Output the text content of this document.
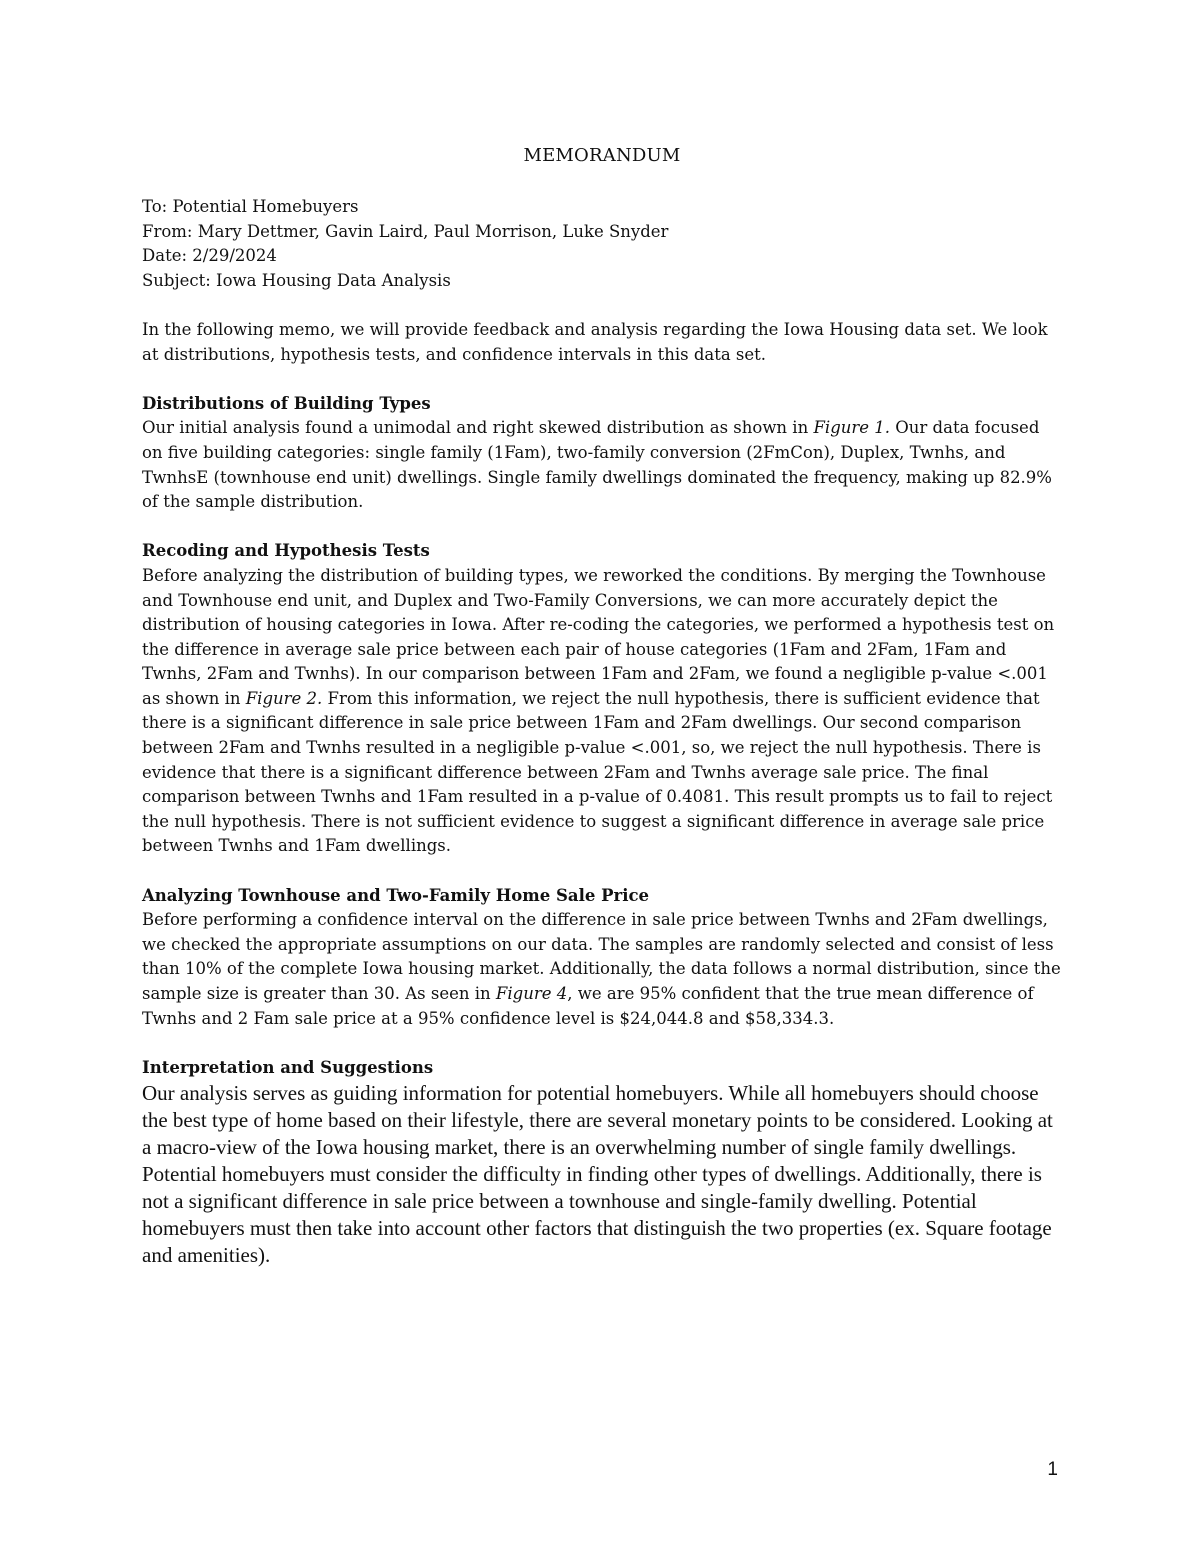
MEMORANDUM
To: Potential Homebuyers
From: Mary Dettmer, Gavin Laird, Paul Morrison, Luke Snyder
Date: 2/29/2024
Subject: Iowa Housing Data Analysis

In the following memo, we will provide feedback and analysis regarding the Iowa Housing data set. We look at distributions, hypothesis tests, and confidence intervals in this data set.

Distributions of Building Types

Our initial analysis found a unimodal and right skewed distribution as shown in Figure 1. Our data focused on five building categories: single family (1Fam), two-family conversion (2FmCon), Duplex, Twnhs, and TwnhsE (townhouse end unit) dwellings. Single family dwellings dominated the frequency, making up 82.9% of the sample distribution.

Recoding and Hypothesis Tests

Before analyzing the distribution of building types, we reworked the conditions. By merging the Townhouse and Townhouse end unit, and Duplex and Two-Family Conversions, we can more accurately depict the distribution of housing categories in Iowa. After re-coding the categories, we performed a hypothesis test on the difference in average sale price between each pair of house categories (1Fam and 2Fam, 1Fam and Twnhs, 2Fam and Twnhs). In our comparison between 1Fam and 2Fam, we found a negligible p-value <.001 as shown in Figure 2. From this information, we reject the null hypothesis, there is sufficient evidence that there is a significant difference in sale price between 1Fam and 2Fam dwellings. Our second comparison between 2Fam and Twnhs resulted in a negligible p-value <.001, so, we reject the null hypothesis. There is evidence that there is a significant difference between 2Fam and Twnhs average sale price. The final comparison between Twnhs and 1Fam resulted in a p-value of 0.4081. This result prompts us to fail to reject the null hypothesis. There is not sufficient evidence to suggest a significant difference in average sale price between Twnhs and 1Fam dwellings.

Analyzing Townhouse and Two-Family Home Sale Price

Before performing a confidence interval on the difference in sale price between Twnhs and 2Fam dwellings, we checked the appropriate assumptions on our data. The samples are randomly selected and consist of less than 10% of the complete Iowa housing market. Additionally, the data follows a normal distribution, since the sample size is greater than 30. As seen in Figure 4, we are 95% confident that the true mean difference of Twnhs and 2 Fam sale price at a 95% confidence level is $24,044.8 and $58,334.3.

Interpretation and Suggestions

Our analysis serves as guiding information for potential homebuyers. While all homebuyers should choose the best type of home based on their lifestyle, there are several monetary points to be considered. Looking at a macro-view of the Iowa housing market, there is an overwhelming number of single family dwellings. Potential homebuyers must consider the difficulty in finding other types of dwellings. Additionally, there is not a significant difference in sale price between a townhouse and single-family dwelling. Potential homebuyers must then take into account other factors that distinguish the two properties (ex. Square footage and amenities).

1
